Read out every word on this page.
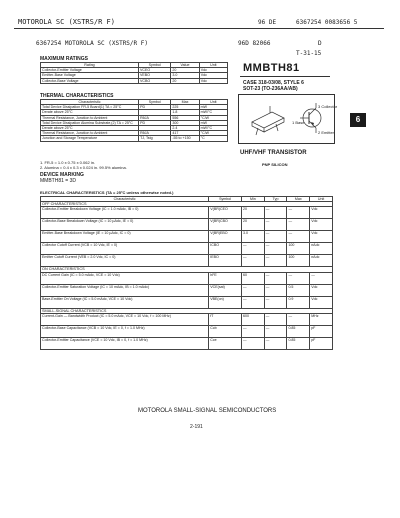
MOTOROLA SC (XSTRS/R F)	96 DE	6367254 0083656 5
6367254 MOTOROLA SC (XSTRS/R F)	96D 82066	D
T-31-15
MAXIMUM RATINGS
Rating	Symbol	Value	Unit
Collector-Emitter Voltage	VCEO	20	Vdc
Emitter-Base Voltage	VEBO	3.0	Vdc
Collector-Base Voltage	VCBO	20	Vdc
THERMAL CHARACTERISTICS
Characteristic	Symbol	Max	Unit
Total Device Dissipation FR-5 Board(1) TA = 25°C	PD	225	mW
Derate above 25°C		1.8	mW/°C
Thermal Resistance, Junction to Ambient	RθJA	556	°C/W
Total Device Dissipation Alumina Substrate,(2) TA = 25°C	PD	300	mW
Derate above 25°C		2.4	mW/°C
Thermal Resistance, Junction to Ambient	RθJA	417	°C/W
Junction and Storage Temperature	TJ, Tstg	-55 to +150	°C
1. FR-5 = 1.0 x 0.75 x 0.062 in.
2. Alumina = 0.4 x 0.3 x 0.024 in. 99.5% alumina.
DEVICE MARKING
MMBTH81 = 3D
MMBTH81
CASE 318-03/08, STYLE 6
SOT-23 (TO-236AA/AB)
3 Collector
1 Base
2 Emitter
UHF/VHF TRANSISTOR
PNP SILICON
6
ELECTRICAL CHARACTERISTICS (TA = 25°C unless otherwise noted.)
Characteristic	Symbol	Min	Typ	Max	Unit
OFF CHARACTERISTICS					
Collector-Emitter Breakdown Voltage (IC = 1.0 mAdc, IB = 0)	V(BR)CEO	20	—	—	Vdc
Collector-Base Breakdown Voltage (IC = 10 µAdc, IE = 0)	V(BR)CBO	20	—	—	Vdc
Emitter-Base Breakdown Voltage (IE = 10 µAdc, IC = 0)	V(BR)EBO	3.0	—	—	Vdc
Collector Cutoff Current (VCB = 10 Vdc, IE = 0)	ICBO	—	—	100	nAdc
Emitter Cutoff Current (VEB = 2.0 Vdc, IC = 0)	IEBO	—	—	100	nAdc
ON CHARACTERISTICS					
DC Current Gain (IC = 5.0 mAdc, VCE = 10 Vdc)	hFE	60	—	—	—
Collector-Emitter Saturation Voltage (IC = 10 mAdc, IB = 1.0 mAdc)	VCE(sat)	—	—	0.5	Vdc
Base-Emitter On Voltage (IC = 5.0 mAdc, VCE = 10 Vdc)	VBE(on)	—	—	0.9	Vdc
SMALL-SIGNAL CHARACTERISTICS					
Current-Gain — Bandwidth Product (IC = 5.0 mAdc, VCE = 10 Vdc, f = 100 MHz)	fT	600	—	—	MHz
Collector-Base Capacitance (VCB = 10 Vdc, IE = 0, f = 1.0 MHz)	Ccb	—	—	0.85	pF
Collector-Emitter Capacitance (VCE = 10 Vdc, IB = 0, f = 1.0 MHz)	Cce	—	—	0.85	pF
MOTOROLA SMALL-SIGNAL SEMICONDUCTORS
2-191
